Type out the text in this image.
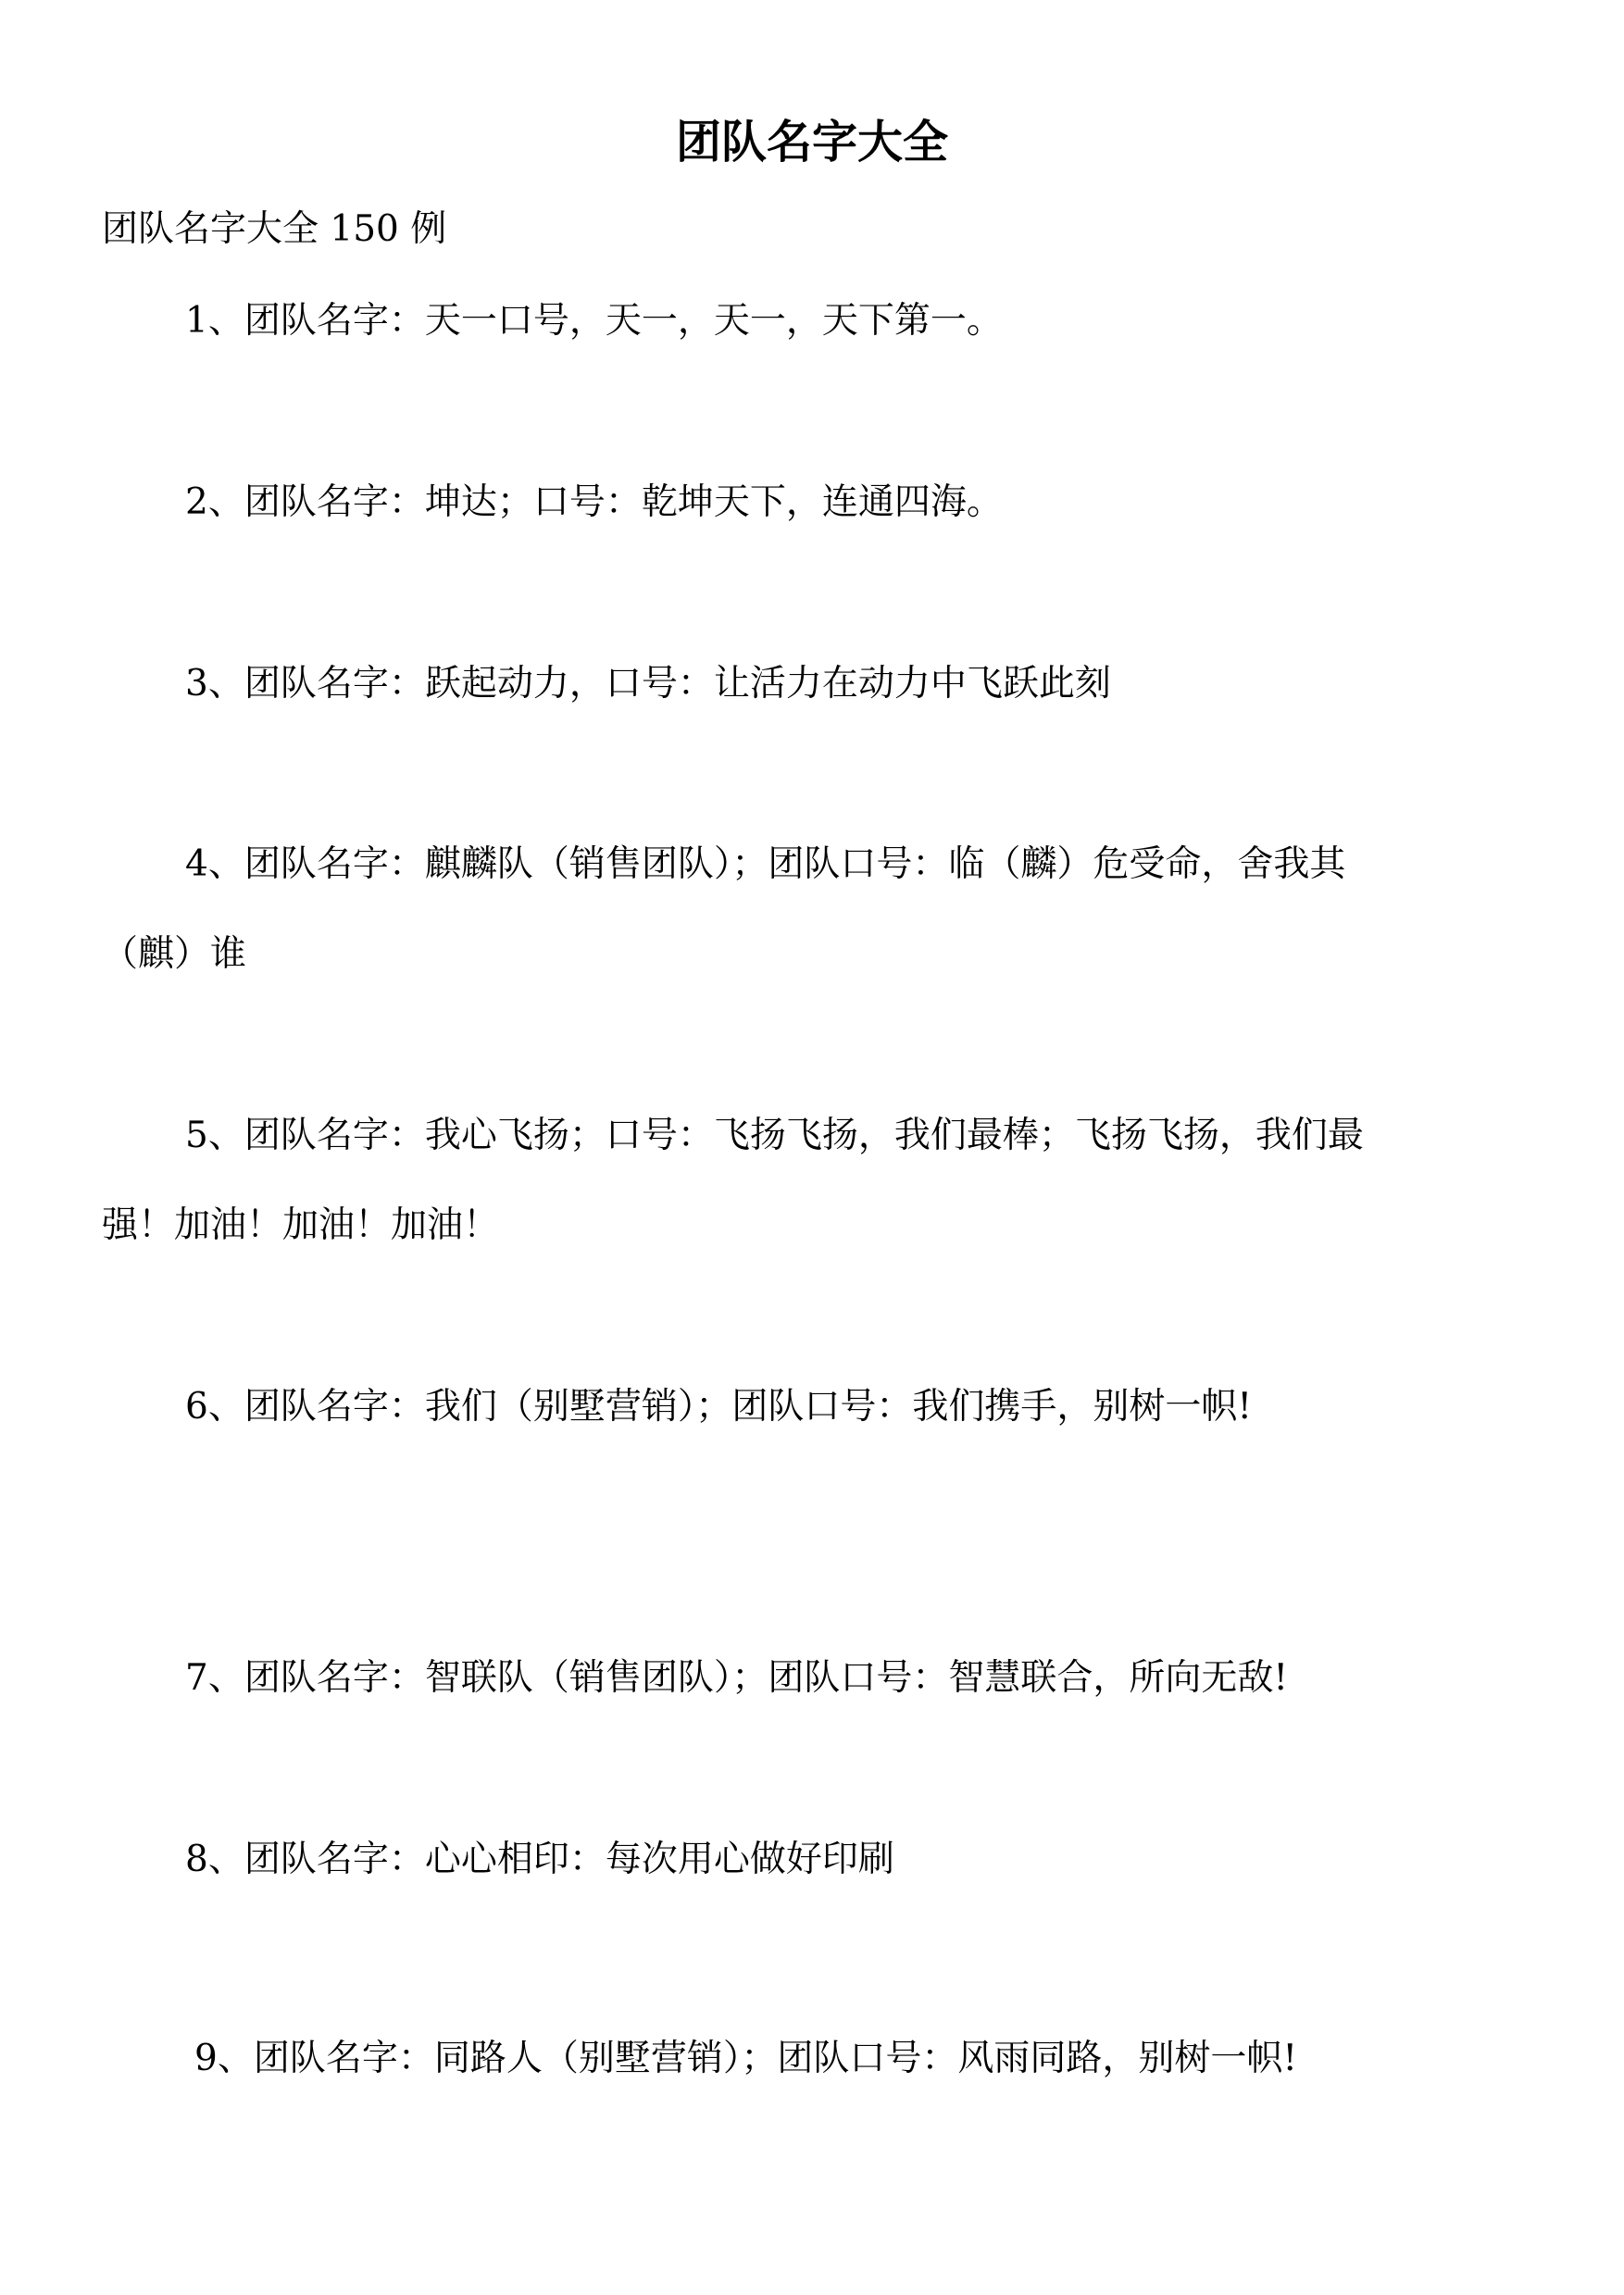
团队名字大全
团队名字大全 150 例
1、团队名字：天一口号，天一，天一，天下第一。
2、团队名字：坤达；口号：乾坤天下，连通四海。
3、团队名字：跃起动力，口号：让活力在动力中飞跃此刻
4、团队名字：麒麟队（销售团队）；团队口号：临（麟）危受命，舍我其
（麒）谁
5、团队名字：我心飞扬；口号：飞扬飞扬，我们最棒；飞扬飞扬，我们最
强！加油！加油！加油！
6、团队名字：我们（别墅营销）；团队口号：我们携手，别树一帜!
7、团队名字：智联队（销售团队）；团队口号：智慧联合，所向无敌!
8、团队名字：心心相印：每次用心做好印刷
9、团队名字：同路人（别墅营销）；团队口号：风雨同路，别树一帜!
